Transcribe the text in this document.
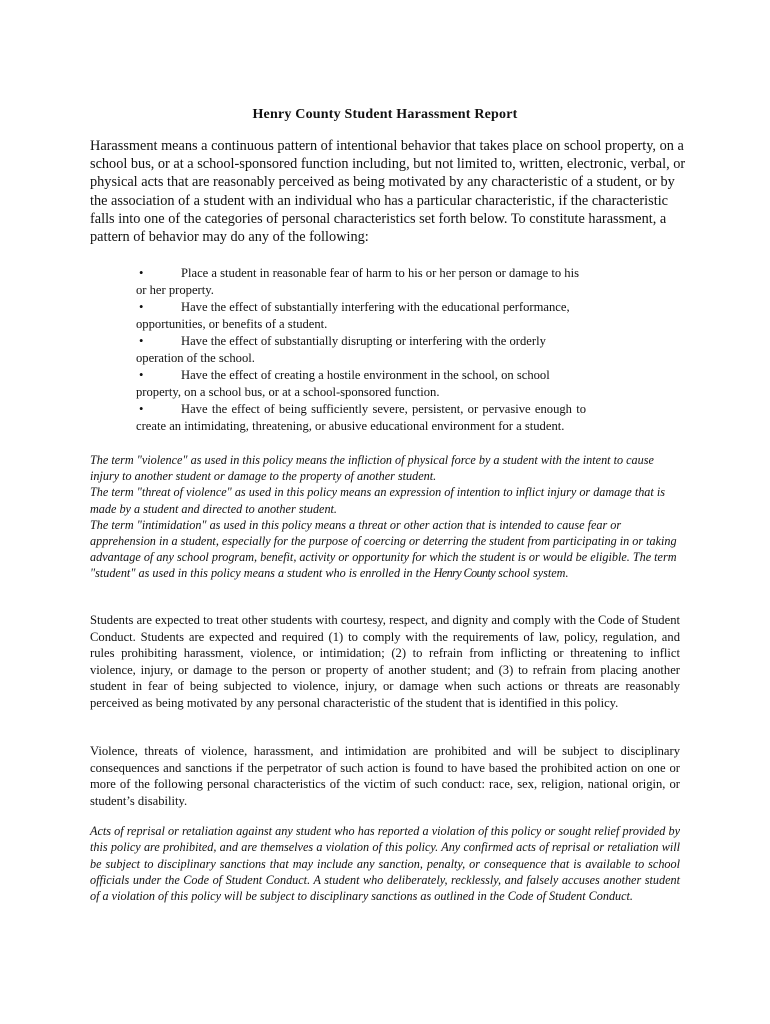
Henry County Student Harassment Report
Harassment means a continuous pattern of intentional behavior that takes place on school property, on a school bus, or at a school-sponsored function including, but not limited to, written, electronic, verbal, or physical acts that are reasonably perceived as being motivated by any characteristic of a student, or by the association of a student with an individual who has a particular characteristic, if the characteristic falls into one of the categories of personal characteristics set forth below. To constitute harassment, a pattern of behavior may do any of the following:
•	Place a student in reasonable fear of harm to his or her person or damage to his or her property.
•	Have the effect of substantially interfering with the educational performance, opportunities, or benefits of a student.
•	Have the effect of substantially disrupting or interfering with the orderly operation of the school.
•	Have the effect of creating a hostile environment in the school, on school property, on a school bus, or at a school-sponsored function.
•	Have the effect of being sufficiently severe, persistent, or pervasive enough to create an intimidating, threatening, or abusive educational environment for a student.

The term "violence" as used in this policy means the infliction of physical force by a student with the intent to cause injury to another student or damage to the property of another student.

The term "threat of violence" as used in this policy means an expression of intention to inflict injury or damage that is made by a student and directed to another student.

The term "intimidation" as used in this policy means a threat or other action that is intended to cause fear or apprehension in a student, especially for the purpose of coercing or deterring the student from participating in or taking advantage of any school program, benefit, activity or opportunity for which the student is or would be eligible. The term "student" as used in this policy means a student who is enrolled in the Henry County school system.

Students are expected to treat other students with courtesy, respect, and dignity and comply with the Code of Student Conduct. Students are expected and required (1) to comply with the requirements of law, policy, regulation, and rules prohibiting harassment, violence, or intimidation; (2) to refrain from inflicting or threatening to inflict violence, injury, or damage to the person or property of another student; and (3) to refrain from placing another student in fear of being subjected to violence, injury, or damage when such actions or threats are reasonably perceived as being motivated by any personal characteristic of the student that is identified in this policy.
Violence, threats of violence, harassment, and intimidation are prohibited and will be subject to disciplinary consequences and sanctions if the perpetrator of such action is found to have based the prohibited action on one or more of the following personal characteristics of the victim of such conduct: race, sex, religion, national origin, or student’s disability.
Acts of reprisal or retaliation against any student who has reported a violation of this policy or sought relief provided by this policy are prohibited, and are themselves a violation of this policy. Any confirmed acts of reprisal or retaliation will be subject to disciplinary sanctions that may include any sanction, penalty, or consequence that is available to school officials under the Code of Student Conduct. A student who deliberately, recklessly, and falsely accuses another student of a violation of this policy will be subject to disciplinary sanctions as outlined in the Code of Student Conduct.
